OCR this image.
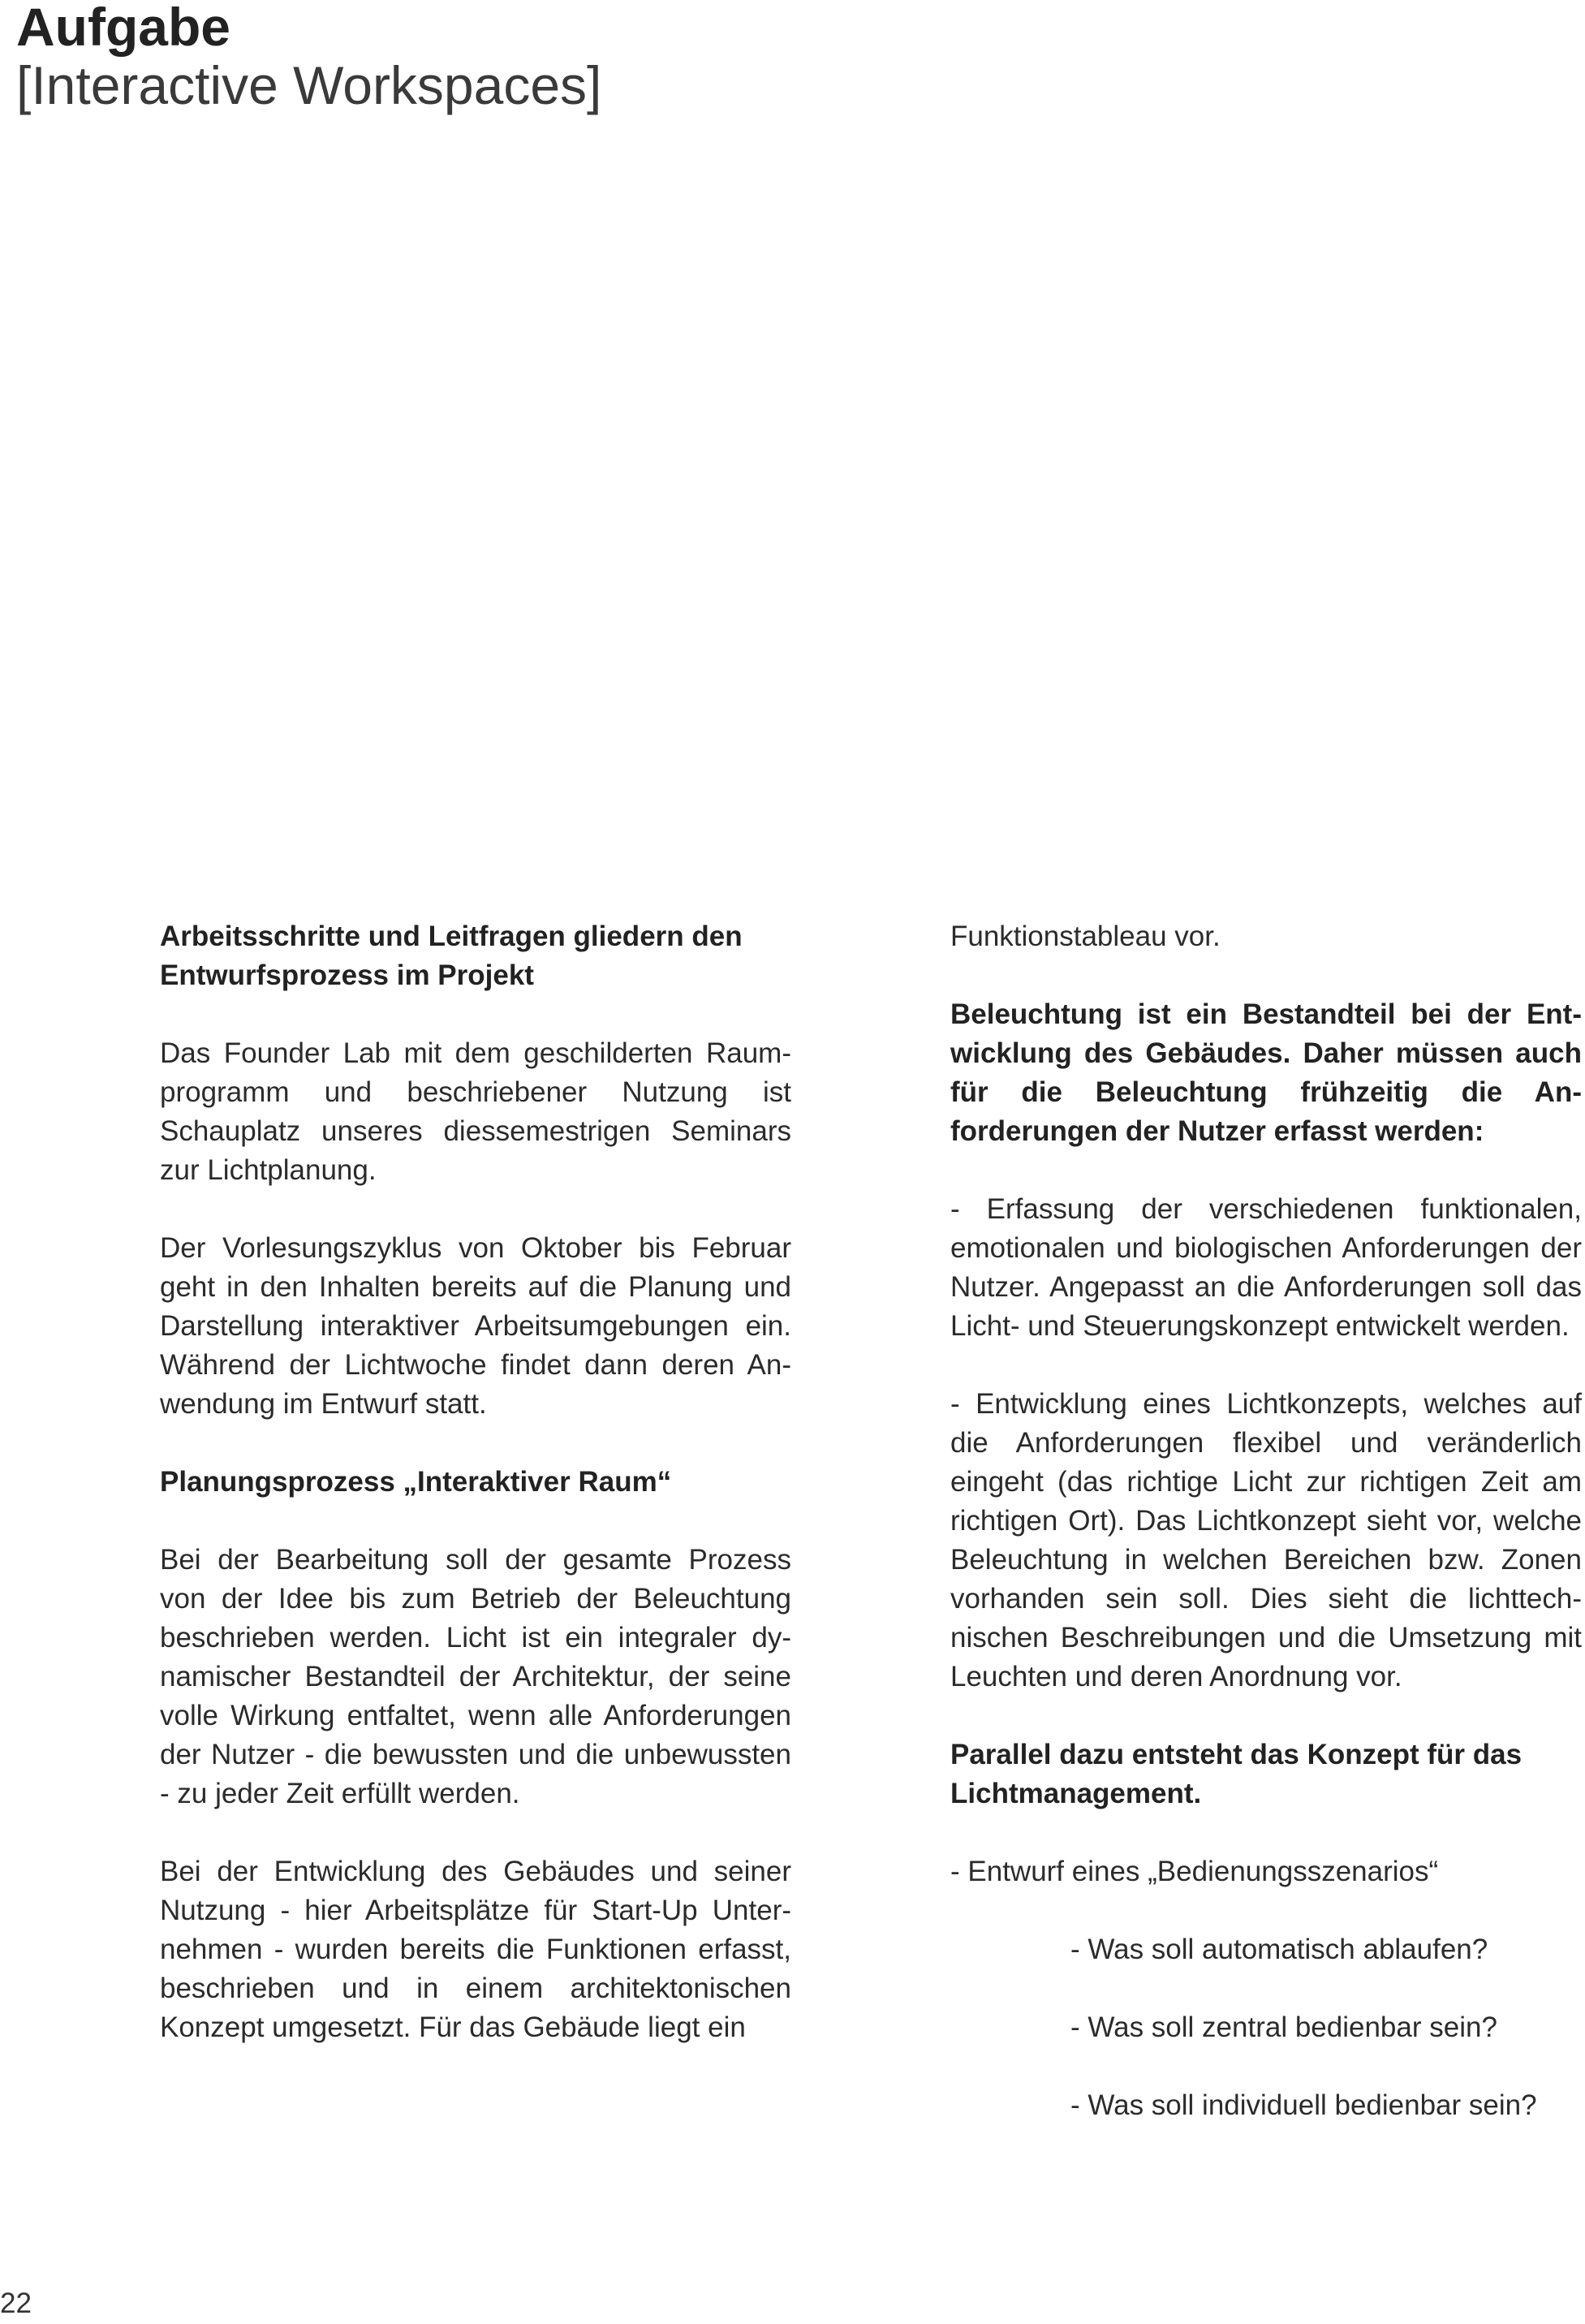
Aufgabe
[Interactive Workspaces]

Arbeitsschritte und Leitfragen gliedern den Entwurfsprozess im Projekt

Das Founder Lab mit dem geschilderten Raumprogramm und beschriebener Nutzung ist Schauplatz unseres diessemestrigen Seminars zur Lichtplanung.

Der Vorlesungszyklus von Oktober bis Februar geht in den Inhalten bereits auf die Planung und Darstellung interaktiver Arbeitsumgebungen ein. Während der Lichtwoche findet dann deren Anwendung im Entwurf statt.

Planungsprozess „Interaktiver Raum“

Bei der Bearbeitung soll der gesamte Prozess von der Idee bis zum Betrieb der Beleuchtung beschrieben werden. Licht ist ein integraler dynamischer Bestandteil der Architektur, der seine volle Wirkung entfaltet, wenn alle Anforderungen der Nutzer - die bewussten und die unbewussten - zu jeder Zeit erfüllt werden.

Bei der Entwicklung des Gebäudes und seiner Nutzung - hier Arbeitsplätze für Start-Up Unternehmen - wurden bereits die Funktionen erfasst, beschrieben und in einem architektonischen Konzept umgesetzt. Für das Gebäude liegt ein

Funktionstableau vor.

Beleuchtung ist ein Bestandteil bei der Entwicklung des Gebäudes. Daher müssen auch für die Beleuchtung frühzeitig die Anforderungen der Nutzer erfasst werden:

- Erfassung der verschiedenen funktionalen, emotionalen und biologischen Anforderungen der Nutzer. Angepasst an die Anforderungen soll das Licht- und Steuerungskonzept entwickelt werden.

- Entwicklung eines Lichtkonzepts, welches auf die Anforderungen flexibel und veränderlich eingeht (das richtige Licht zur richtigen Zeit am richtigen Ort). Das Lichtkonzept sieht vor, welche Beleuchtung in welchen Bereichen bzw. Zonen vorhanden sein soll. Dies sieht die lichttechnischen Beschreibungen und die Umsetzung mit Leuchten und deren Anordnung vor.

Parallel dazu entsteht das Konzept für das Lichtmanagement.

- Entwurf eines „Bedienungsszenarios“

- Was soll automatisch ablaufen?

- Was soll zentral bedienbar sein?

- Was soll individuell bedienbar sein?

22
